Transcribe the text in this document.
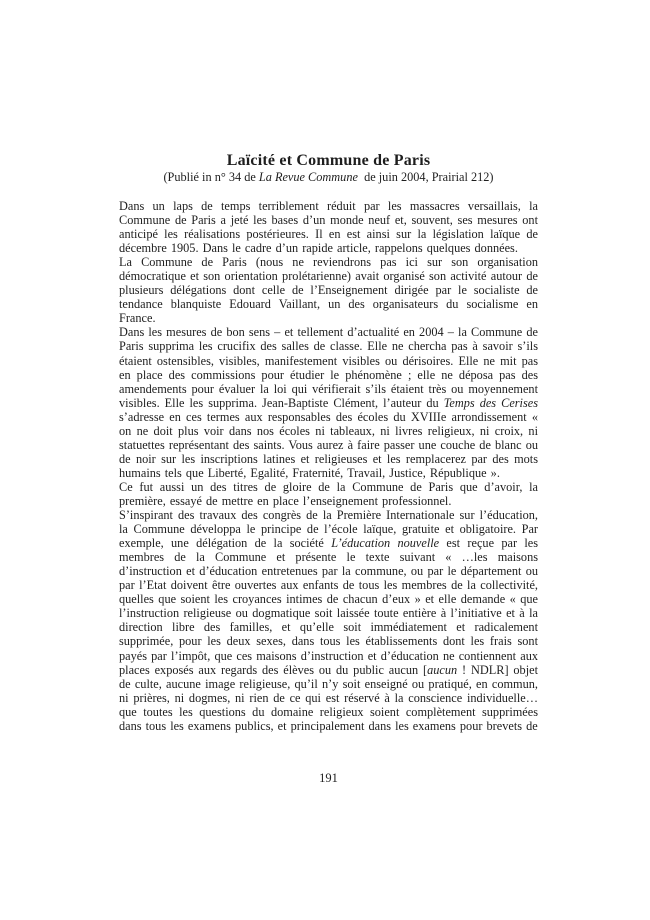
Laïcité et Commune de Paris
(Publié in n° 34 de La Revue Commune  de juin 2004, Prairial 212)

Dans un laps de temps terriblement réduit par les massacres versaillais, la Commune de Paris a jeté les bases d’un monde neuf et, souvent, ses mesures ont anticipé les réalisations postérieures. Il en est ainsi sur la législation laïque de décembre 1905. Dans le cadre d’un rapide article, rappelons quelques données.

La Commune de Paris (nous ne reviendrons pas ici sur son organisation démocratique et son orientation prolétarienne) avait organisé son activité autour de plusieurs délégations dont celle de l’Enseignement dirigée par le socialiste de tendance blanquiste Edouard Vaillant, un des organisateurs du socialisme en France.

Dans les mesures de bon sens – et tellement d’actualité en 2004 – la Commune de Paris supprima les crucifix des salles de classe. Elle ne chercha pas à savoir s’ils étaient ostensibles, visibles, manifestement visibles ou dérisoires. Elle ne mit pas en place des commissions pour étudier le phénomène ; elle ne déposa pas des amendements pour évaluer la loi qui vérifierait s’ils étaient très ou moyennement visibles. Elle les supprima. Jean-Baptiste Clément, l’auteur du Temps des Cerises s’adresse en ces termes aux responsables des écoles du XVIIIe arrondissement « on ne doit plus voir dans nos écoles ni tableaux, ni livres religieux, ni croix, ni statuettes représentant des saints. Vous aurez à faire passer une couche de blanc ou de noir sur les inscriptions latines et religieuses et les remplacerez par des mots humains tels que Liberté, Egalité, Fraternité, Travail, Justice, République ».

Ce fut aussi un des titres de gloire de la Commune de Paris que d’avoir, la première, essayé de mettre en place l’enseignement professionnel.

S’inspirant des travaux des congrès de la Première Internationale sur l’éducation, la Commune développa le principe de l’école laïque, gratuite et obligatoire. Par exemple, une délégation de la société L’éducation nouvelle est reçue par les membres de la Commune et présente le texte suivant « …les maisons d’instruction et d’éducation entretenues par la commune, ou par le département ou par l’Etat doivent être ouvertes aux enfants de tous les membres de la collectivité, quelles que soient les croyances intimes de chacun d’eux » et elle demande « que l’instruction religieuse ou dogmatique soit laissée toute entière à l’initiative et à la direction libre des familles, et qu’elle soit immédiatement et radicalement supprimée, pour les deux sexes, dans tous les établissements dont les frais sont payés par l’impôt, que ces maisons d’instruction et d’éducation ne contiennent aux places exposés aux regards des élèves ou du public aucun [aucun ! NDLR] objet de culte, aucune image religieuse, qu’il n’y soit enseigné ou pratiqué, en commun, ni prières, ni dogmes, ni rien de ce qui est réservé à la conscience individuelle…que toutes les questions du domaine religieux soient complètement supprimées dans tous les examens publics, et principalement dans les examens pour brevets de

191
